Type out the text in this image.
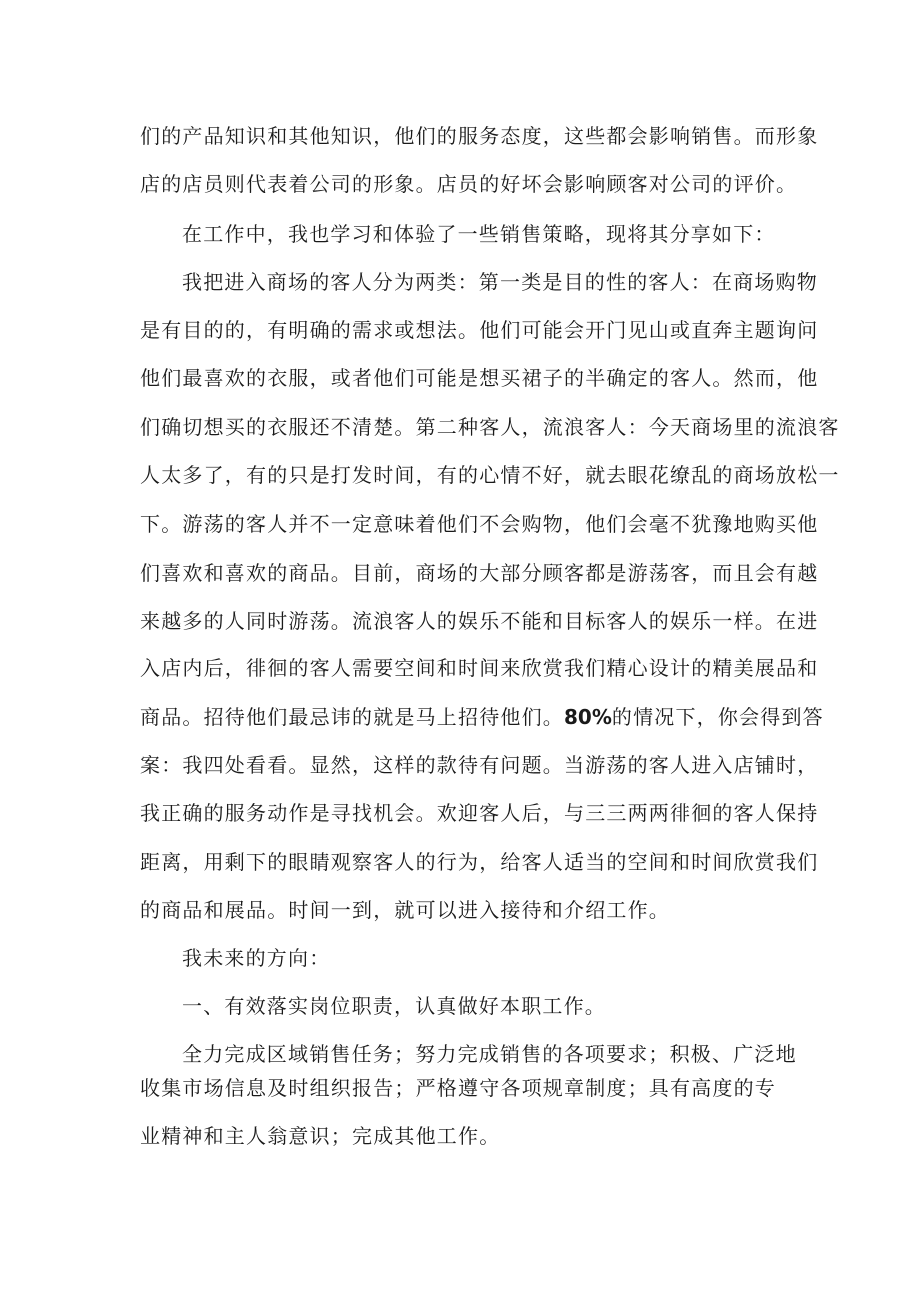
们的产品知识和其他知识，他们的服务态度，这些都会影响销售。而形象
店的店员则代表着公司的形象。店员的好坏会影响顾客对公司的评价。
在工作中，我也学习和体验了一些销售策略，现将其分享如下：
我把进入商场的客人分为两类：第一类是目的性的客人：在商场购物
是有目的的，有明确的需求或想法。他们可能会开门见山或直奔主题询问
他们最喜欢的衣服，或者他们可能是想买裙子的半确定的客人。然而，他
们确切想买的衣服还不清楚。第二种客人，流浪客人：今天商场里的流浪客
人太多了，有的只是打发时间，有的心情不好，就去眼花缭乱的商场放松一
下。游荡的客人并不一定意味着他们不会购物，他们会毫不犹豫地购买他
们喜欢和喜欢的商品。目前，商场的大部分顾客都是游荡客，而且会有越
来越多的人同时游荡。流浪客人的娱乐不能和目标客人的娱乐一样。在进
入店内后，徘徊的客人需要空间和时间来欣赏我们精心设计的精美展品和
商品。招待他们最忌讳的就是马上招待他们。80%的情况下，你会得到答
案：我四处看看。显然，这样的款待有问题。当游荡的客人进入店铺时，
我正确的服务动作是寻找机会。欢迎客人后，与三三两两徘徊的客人保持
距离，用剩下的眼睛观察客人的行为，给客人适当的空间和时间欣赏我们
的商品和展品。时间一到，就可以进入接待和介绍工作。
我未来的方向：
一、有效落实岗位职责，认真做好本职工作。
全力完成区域销售任务；努力完成销售的各项要求；积极、广泛地
收集市场信息及时组织报告；严格遵守各项规章制度；具有高度的专
业精神和主人翁意识；完成其他工作。
